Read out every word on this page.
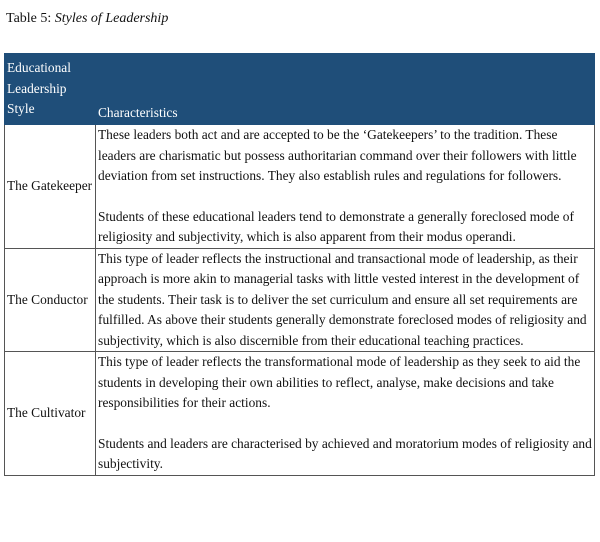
Table 5: Styles of Leadership
Educational Leadership Style	Characteristics
The Gatekeeper	These leaders both act and are accepted to be the ‘Gatekeepers’ to the tradition. These leaders are charismatic but possess authoritarian command over their followers with little deviation from set instructions. They also establish rules and regulations for followers.

Students of these educational leaders tend to demonstrate a generally foreclosed mode of religiosity and subjectivity, which is also apparent from their modus operandi.

The Conductor	This type of leader reflects the instructional and transactional mode of leadership, as their approach is more akin to managerial tasks with little vested interest in the development of the students. Their task is to deliver the set curriculum and ensure all set requirements are fulfilled. As above their students generally demonstrate foreclosed modes of religiosity and subjectivity, which is also discernible from their educational teaching practices.

The Cultivator	This type of leader reflects the transformational mode of leadership as they seek to aid the students in developing their own abilities to reflect, analyse, make decisions and take responsibilities for their actions.

Students and leaders are characterised by achieved and moratorium modes of religiosity and subjectivity.
